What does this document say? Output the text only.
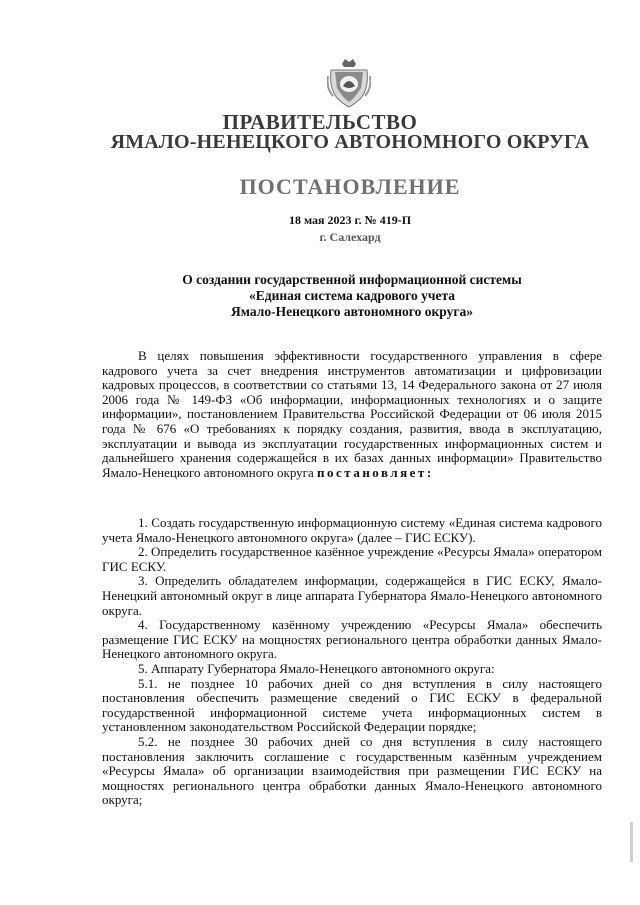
ПРАВИТЕЛЬСТВО
ЯМАЛО-НЕНЕЦКОГО АВТОНОМНОГО ОКРУГА
ПОСТАНОВЛЕНИЕ
18 мая 2023 г. № 419-П
г. Салехард
О создании государственной информационной системы
«Единая система кадрового учета
Ямало-Ненецкого автономного округа»

В целях повышения эффективности государственного управления в сфере кадрового учета за счет внедрения инструментов автоматизации и цифровизации кадровых процессов, в соответствии со статьями 13, 14 Федерального закона от 27 июля 2006 года № 149-ФЗ «Об информации, информационных технологиях и о защите информации», постановлением Правительства Российской Федерации от 06 июля 2015 года № 676 «О требованиях к порядку создания, развития, ввода в эксплуатацию, эксплуатации и вывода из эксплуатации государственных информационных систем и дальнейшего хранения содержащейся в их базах данных информации» Правительство Ямало-Ненецкого автономного округа постановляет:

1. Создать государственную информационную систему «Единая система кадрового учета Ямало-Ненецкого автономного округа» (далее – ГИС ЕСКУ).

2. Определить государственное казённое учреждение «Ресурсы Ямала» оператором ГИС ЕСКУ.

3. Определить обладателем информации, содержащейся в ГИС ЕСКУ, Ямало-Ненецкий автономный округ в лице аппарата Губернатора Ямало-Ненецкого автономного округа.

4. Государственному казённому учреждению «Ресурсы Ямала» обеспечить размещение ГИС ЕСКУ на мощностях регионального центра обработки данных Ямало-Ненецкого автономного округа.

5. Аппарату Губернатора Ямало-Ненецкого автономного округа:

5.1. не позднее 10 рабочих дней со дня вступления в силу настоящего постановления обеспечить размещение сведений о ГИС ЕСКУ в федеральной государственной информационной системе учета информационных систем в установленном законодательством Российской Федерации порядке;

5.2. не позднее 30 рабочих дней со дня вступления в силу настоящего постановления заключить соглашение с государственным казённым учреждением «Ресурсы Ямала» об организации взаимодействия при размещении ГИС ЕСКУ на мощностях регионального центра обработки данных Ямало-Ненецкого автономного округа;
